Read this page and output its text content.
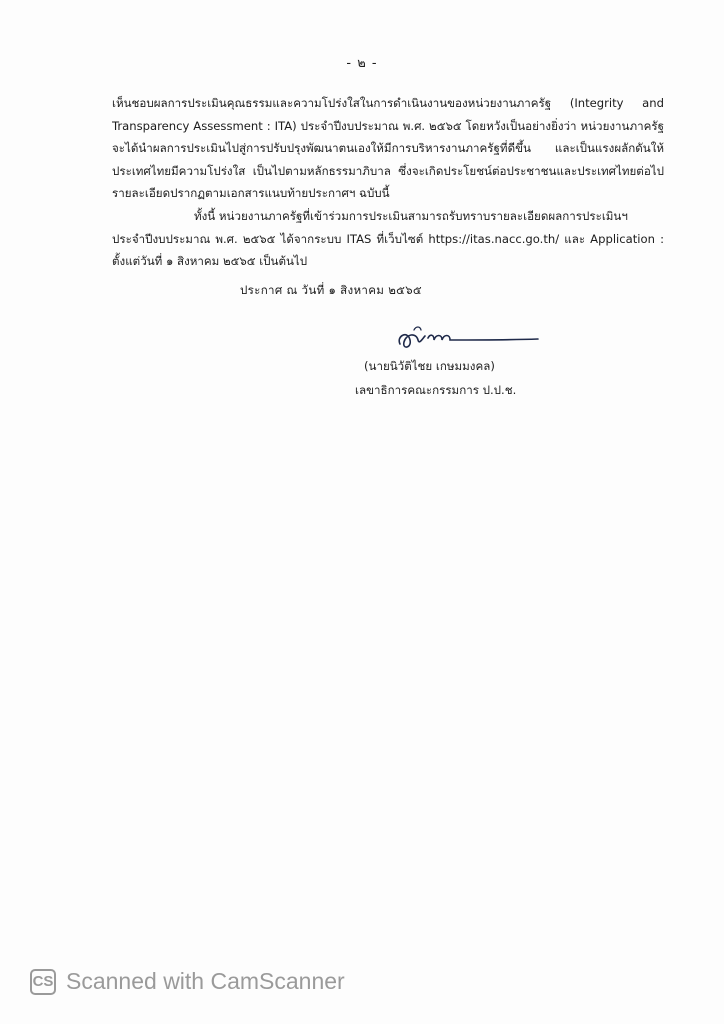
- ๒ -
เห็นชอบผลการประเมินคุณธรรมและความโปร่งใสในการดำเนินงานของหน่วยงานภาครัฐ (Integrity and
Transparency Assessment : ITA) ประจำปีงบประมาณ พ.ศ. ๒๕๖๕ โดยหวังเป็นอย่างยิ่งว่า หน่วยงานภาครัฐ
จะได้นำผลการประเมินไปสู่การปรับปรุงพัฒนาตนเองให้มีการบริหารงานภาครัฐที่ดีขึ้น และเป็นแรงผลักดันให้
ประเทศไทยมีความโปร่งใส เป็นไปตามหลักธรรมาภิบาล ซึ่งจะเกิดประโยชน์ต่อประชาชนและประเทศไทยต่อไป
รายละเอียดปรากฏตามเอกสารแนบท้ายประกาศฯ ฉบับนี้
ทั้งนี้ หน่วยงานภาครัฐที่เข้าร่วมการประเมินสามารถรับทราบรายละเอียดผลการประเมินฯ
ประจำปีงบประมาณ พ.ศ. ๒๕๖๕ ได้จากระบบ ITAS ที่เว็บไซต์ https://itas.nacc.go.th/ และ Application :
ตั้งแต่วันที่ ๑ สิงหาคม ๒๕๖๕ เป็นต้นไป
ประกาศ ณ วันที่ ๑ สิงหาคม ๒๕๖๕
(นายนิวัติไชย เกษมมงคล)
เลขาธิการคณะกรรมการ ป.ป.ช.
CS Scanned with CamScanner
